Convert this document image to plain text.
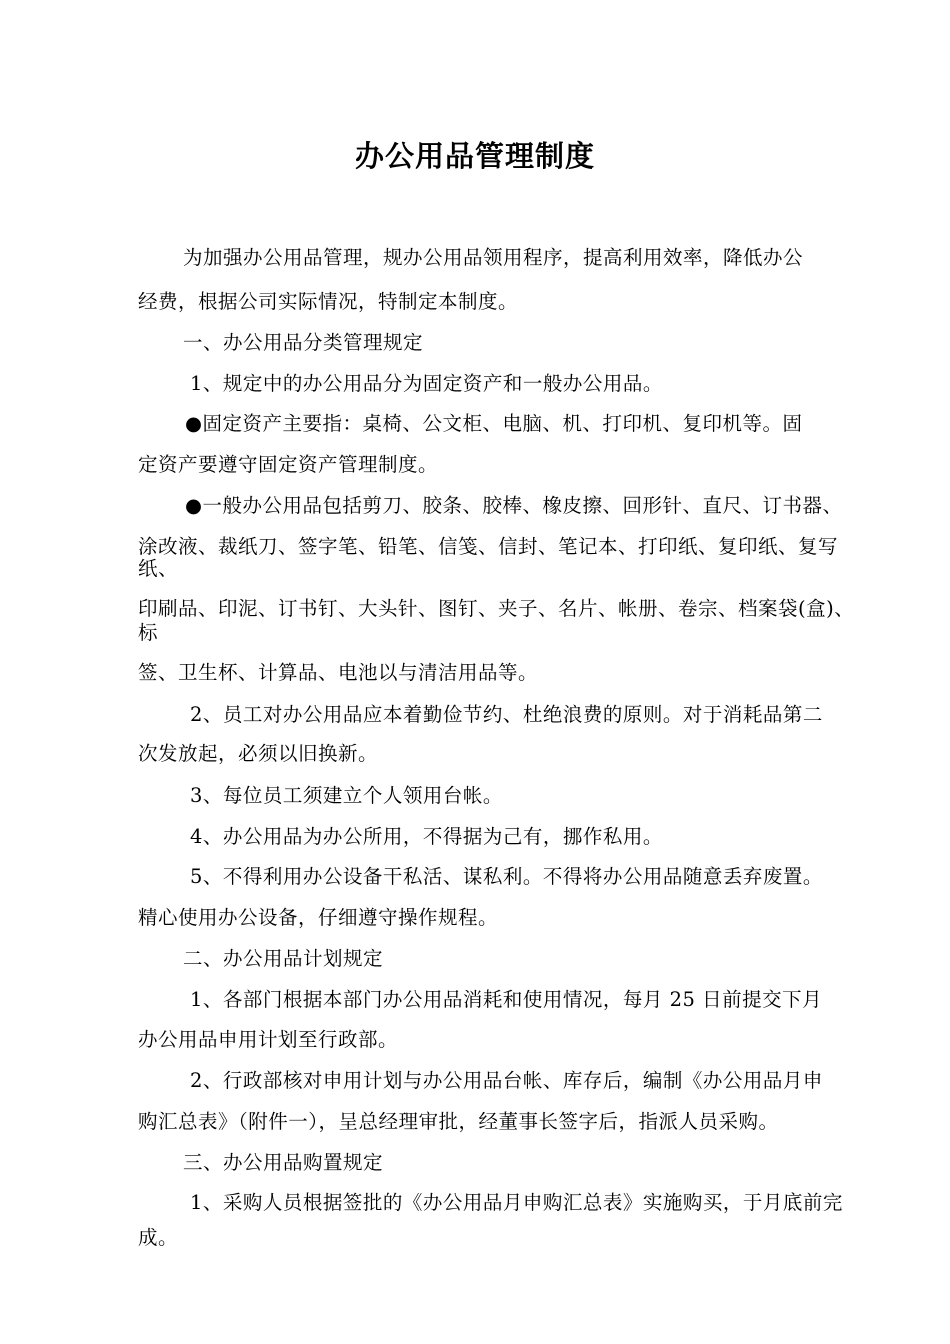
办公用品管理制度
为加强办公用品管理，规办公用品领用程序，提高利用效率，降低办公
经费，根据公司实际情况，特制定本制度。
一、办公用品分类管理规定
1、规定中的办公用品分为固定资产和一般办公用品。
●固定资产主要指：桌椅、公文柜、电脑、机、打印机、复印机等。固
定资产要遵守固定资产管理制度。
●一般办公用品包括剪刀、胶条、胶棒、橡皮擦、回形针、直尺、订书器、
涂改液、裁纸刀、签字笔、铅笔、信笺、信封、笔记本、打印纸、复印纸、复写
纸、
印刷品、印泥、订书钉、大头针、图钉、夹子、名片、帐册、卷宗、档案袋(盒)、
标
签、卫生杯、计算品、电池以与清洁用品等。
2、员工对办公用品应本着勤俭节约、杜绝浪费的原则。对于消耗品第二
次发放起，必须以旧换新。
3、每位员工须建立个人领用台帐。
4、办公用品为办公所用，不得据为己有，挪作私用。
5、不得利用办公设备干私活、谋私利。不得将办公用品随意丢弃废置。
精心使用办公设备，仔细遵守操作规程。
二、办公用品计划规定
1、各部门根据本部门办公用品消耗和使用情况，每月 25 日前提交下月
办公用品申用计划至行政部。
2、行政部核对申用计划与办公用品台帐、库存后，编制《办公用品月申
购汇总表》（附件一），呈总经理审批，经董事长签字后，指派人员采购。
三、办公用品购置规定
1、采购人员根据签批的《办公用品月申购汇总表》实施购买，于月底前完
成。
